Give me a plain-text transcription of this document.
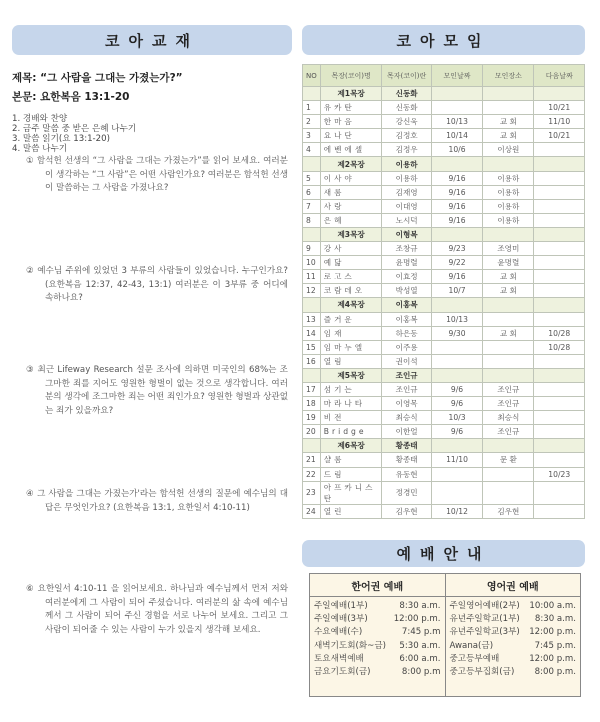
코아교재	코아모임
제목: “그 사람을 그대는 가졌는가?”
본문: 요한복음 13:1-20
1. 경배와 찬양
2. 금주 말씀 중 받은 은혜 나누기
3. 말씀 읽기(요 13:1-20)
4. 말씀 나누기
① 함석헌 선생의 “그 사람을 그대는 가졌는가”를 읽어 보세요. 여러분이 생각하는 “그 사람”은 어떤 사람인가요? 여러분은 함석헌 선생이 말씀하는 그 사람을 가졌나요?
② 예수님 주위에 있었던 3 부류의 사람들이 있었습니다. 누구인가요? (요한복음 12:37, 42-43, 13:1) 여러분은 이 3부류 중 어디에 속하나요?
③ 최근 Lifeway Research 설문 조사에 의하면 미국인의 68%는 조그마한 죄를 지어도 영원한 형벌이 없는 것으로 생각합니다. 여러분의 생각에 조그마한 죄는 어떤 죄인가요? 영원한 형벌과 상관없는 죄가 있을까요?
④ 그 사람을 그대는 가졌는가'라는 함석헌 선생의 질문에 예수님의 대답은 무엇인가요? (요한복음 13:1, 요한일서 4:10-11)
⑥ 요한일서 4:10-11 을 읽어보세요. 하나님과 예수님께서 먼저 저와 여러분에게 그 사람이 되어 주셨습니다. 여러분의 삶 속에 예수님께서 그 사람이 되어 주신 경험을 서로 나누어 보세요. 그리고 그 사람이 되어줄 수 있는 사람이 누가 있을지 생각해 보세요.
NO	목장(코이)명	목자(코이)란	모인날짜	모인장소	다음날짜
	제1목장	신동화			
1	유카탄	신동화			10/21
2	한마음	강신욱	10/13	교 회	11/10
3	요나단	김정호	10/14	교 회	10/21
4	에벤에셀	김정우	10/6	이상원	
	제2목장	이용하			
5	이사야	이용하	9/16	이용하	
6	새롬	김재영	9/16	이용하	
7	사랑	이대영	9/16	이용하	
8	은혜	노시덕	9/16	이용하	
	제3목장	이형복			
9	강사	조창규	9/23	조영미	
10	예닮	윤명렬	9/22	윤명렬	
11	로고스	이효정	9/16	교 회	
12	코람데오	박성열	10/7	교 회	
	제4목장	이홍복			
13	즐거운	이홍복	10/13		
14	임재	하은동	9/30	교 회	10/28
15	임마누엘	이주용			10/28
16	열림	권이석			
	제5목장	조인규			
17	섬기는	조인규	9/6	조인규	
18	마라나타	이영목	9/6	조인규	
19	비전	최승식	10/3	최승식	
20	Bridge	이한얼	9/6	조인규	
	제6목장	황종태			
21	샬롬	황종태	11/10	문 환	
22	드림	유동현			10/23
23	아프카니스탄	정경민			
24	열린	김우현	10/12	김우현	
예배안내
한어권 예배
주일예배(1부)	8:30 a.m.
주일예배(3부)	12:00 p.m.
수요예배(수)	7:45 p.m
새벽기도회(화~금) 5:30 a.m.
토요새벽예배	6:00 a.m.
금요기도회(금)	8:00 p.m
영어권 예배
주일영어예배(2부) 10:00 a.m.
유년주일학교(1부) 8:30 a.m.
유년주일학교(3부) 12:00 p.m.
Awana(금)	7:45 p.m.
중고등부예배	12:00 p.m.
중고등부집회(금) 8:00 p.m.
